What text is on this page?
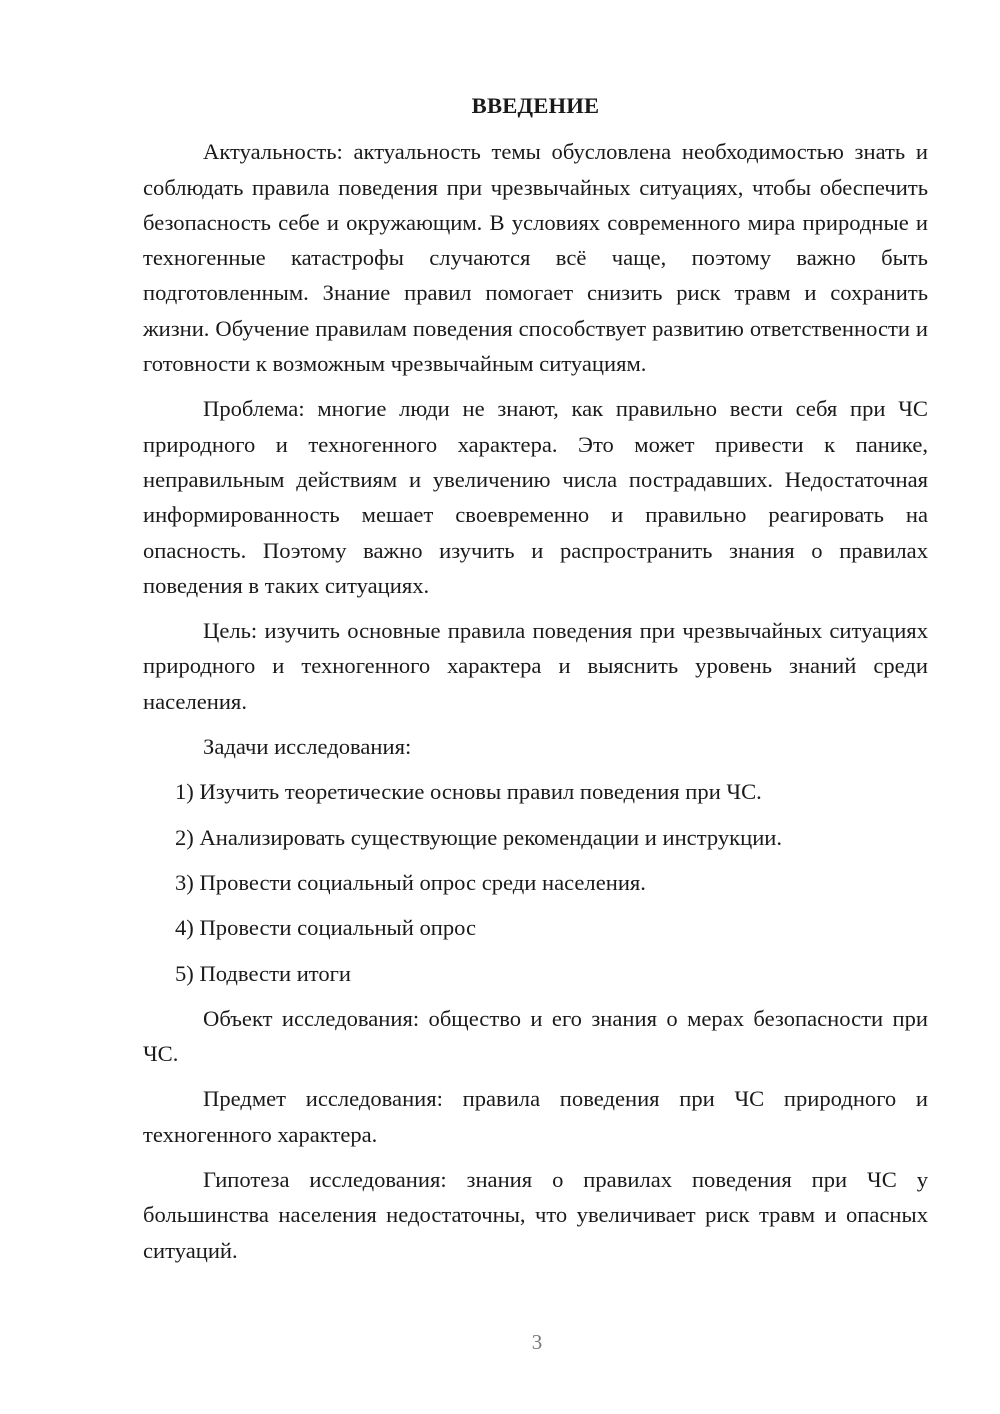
ВВЕДЕНИЕ

Актуальность: актуальность темы обусловлена необходимостью знать и соблюдать правила поведения при чрезвычайных ситуациях, чтобы обеспечить безопасность себе и окружающим. В условиях современного мира природные и техногенные катастрофы случаются всё чаще, поэтому важно быть подготовленным. Знание правил помогает снизить риск травм и сохранить жизни. Обучение правилам поведения способствует развитию ответственности и готовности к возможным чрезвычайным ситуациям.

Проблема: многие люди не знают, как правильно вести себя при ЧС природного и техногенного характера. Это может привести к панике, неправильным действиям и увеличению числа пострадавших. Недостаточная информированность мешает своевременно и правильно реагировать на опасность. Поэтому важно изучить и распространить знания о правилах поведения в таких ситуациях.

Цель: изучить основные правила поведения при чрезвычайных ситуациях природного и техногенного характера и выяснить уровень знаний среди населения.

Задачи исследования:

1) Изучить теоретические основы правил поведения при ЧС.
2) Анализировать существующие рекомендации и инструкции.
3) Провести социальный опрос среди населения.
4) Провести социальный опрос
5) Подвести итоги

Объект исследования: общество и его знания о мерах безопасности при ЧС.

Предмет исследования: правила поведения при ЧС природного и техногенного характера.

Гипотеза исследования: знания о правилах поведения при ЧС у большинства населения недостаточны, что увеличивает риск травм и опасных ситуаций.

3
